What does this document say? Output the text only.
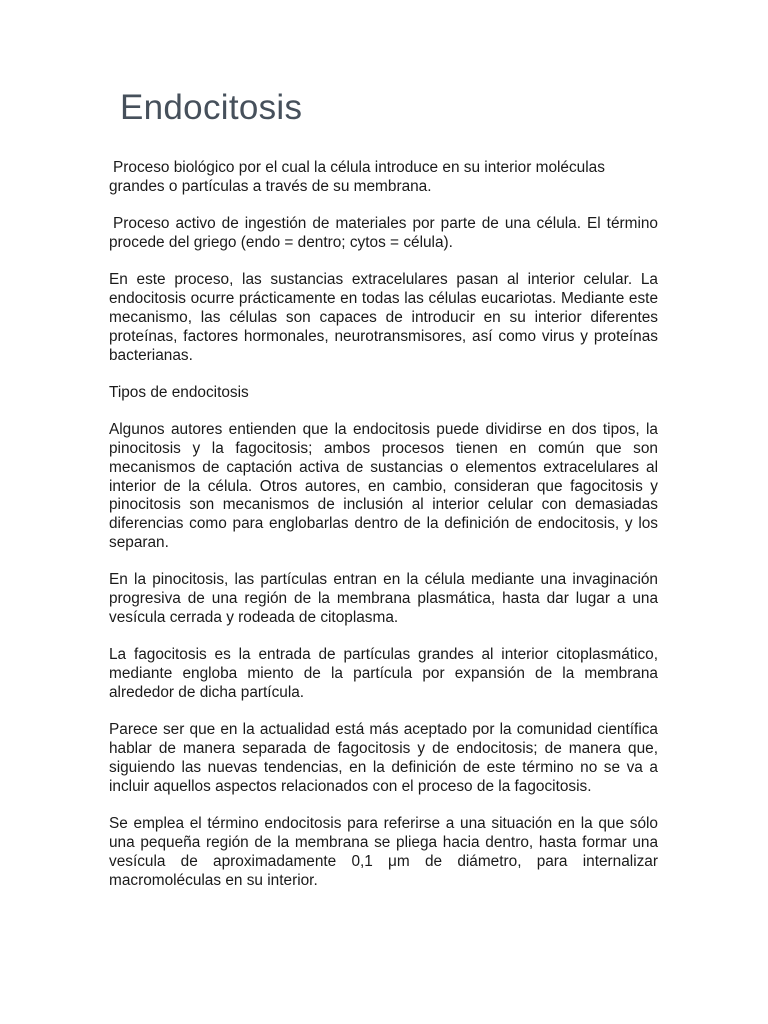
Endocitosis

Proceso biológico por el cual la célula introduce en su interior moléculas grandes o partículas a través de su membrana.

Proceso activo de ingestión de materiales por parte de una célula. El término procede del griego (endo = dentro; cytos = célula).

En este proceso, las sustancias extracelulares pasan al interior celular. La endocitosis ocurre prácticamente en todas las células eucariotas. Mediante este mecanismo, las células son capaces de introducir en su interior diferentes proteínas, factores hormonales, neurotransmisores, así como virus y proteínas bacterianas.

Tipos de endocitosis

Algunos autores entienden que la endocitosis puede dividirse en dos tipos, la pinocitosis y la fagocitosis; ambos procesos tienen en común que son mecanismos de captación activa de sustancias o elementos extracelulares al interior de la célula. Otros autores, en cambio, consideran que fagocitosis y pinocitosis son mecanismos de inclusión al interior celular con demasiadas diferencias como para englobarlas dentro de la definición de endocitosis, y los separan.

En la pinocitosis, las partículas entran en la célula mediante una invaginación progresiva de una región de la membrana plasmática, hasta dar lugar a una vesícula cerrada y rodeada de citoplasma.

La fagocitosis es la entrada de partículas grandes al interior citoplasmático, mediante engloba miento de la partícula por expansión de la membrana alrededor de dicha partícula.

Parece ser que en la actualidad está más aceptado por la comunidad científica hablar de manera separada de fagocitosis y de endocitosis; de manera que, siguiendo las nuevas tendencias, en la definición de este término no se va a incluir aquellos aspectos relacionados con el proceso de la fagocitosis.

Se emplea el término endocitosis para referirse a una situación en la que sólo una pequeña región de la membrana se pliega hacia dentro, hasta formar una vesícula de aproximadamente 0,1 μm de diámetro, para internalizar macromoléculas en su interior.
